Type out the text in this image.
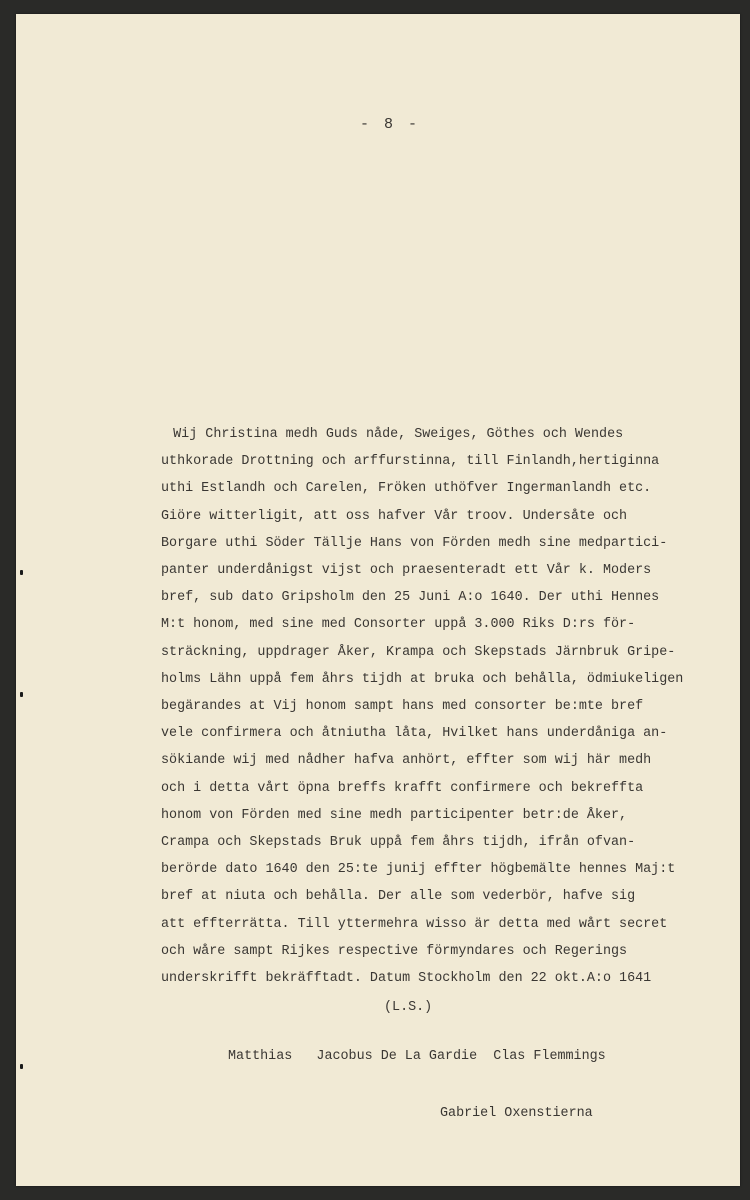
- 8 -
Wij Christina medh Guds nåde, Sweiges, Göthes och Wendes
uthkorade Drottning och arffurstinna, till Finlandh,hertiginna
uthi Estlandh och Carelen, Fröken uthöfver Ingermanlandh etc.
Giöre witterligit, att oss hafver Vår troov. Undersåte och
Borgare uthi Söder Tällje Hans von Förden medh sine medpartici-
panter underdånigst vijst och praesenteradt ett Vår k. Moders
bref, sub dato Gripsholm den 25 Juni A:o 1640. Der uthi Hennes
M:t honom, med sine med Consorter uppå 3.000 Riks D:rs för-
sträckning, uppdrager Åker, Krampa och Skepstads Järnbruk Gripe-
holms Lähn uppå fem åhrs tijdh at bruka och behålla, ödmiukeligen
begärandes at Vij honom sampt hans med consorter be:mte bref
vele confirmera och åtniutha låta, Hvilket hans underdåniga an-
sökiande wij med nådher hafva anhört, effter som wij här medh
och i detta vårt öpna breffs krafft confirmere och bekreffta
honom von Förden med sine medh participenter betr:de Åker,
Crampa och Skepstads Bruk uppå fem åhrs tijdh, ifrån ofvan-
berörde dato 1640 den 25:te junij effter högbemälte hennes Maj:t
bref at niuta och behålla. Der alle som vederbör, hafve sig
att effterrätta. Till yttermehra wisso är detta med wårt secret
och wåre sampt Rijkes respective förmyndares och Regerings
underskrifft bekräfftadt. Datum Stockholm den 22 okt.A:o 1641
(L.S.)
Matthias Jacobus De La Gardie Clas Flemmings
Gabriel Oxenstierna
